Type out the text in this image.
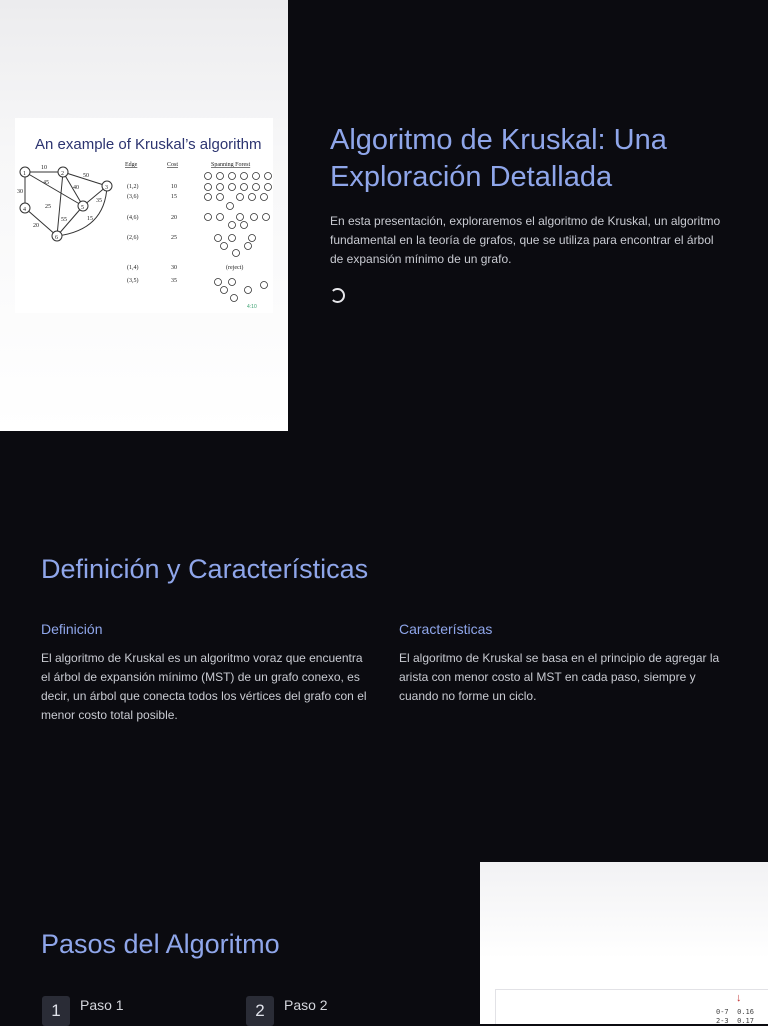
An example of Kruskal’s algorithm
1	2
3
4	5
6
10
45
50
40
30
35
25
55	15
20
Edge	Cost	Spanning Forest
(1,2)	10
(3,6)	15
(4,6)	20
(2,6)	25
(1,4)	30
(3,5)	35
(reject)
4:10
Algoritmo de Kruskal: Una Exploración Detallada

En esta presentación, exploraremos el algoritmo de Kruskal, un algoritmo fundamental en la teoría de grafos, que se utiliza para encontrar el árbol de expansión mínimo de un grafo.

Definición y Características
Definición

El algoritmo de Kruskal es un algoritmo voraz que encuentra el árbol de expansión mínimo (MST) de un grafo conexo, es decir, un árbol que conecta todos los vértices del grafo con el menor costo total posible.

Características

El algoritmo de Kruskal se basa en el principio de agregar la arista con menor costo al MST en cada paso, siempre y cuando no forme un ciclo.

↓
0-7  0.16
2-3  0.17
Pasos del Algoritmo
1	Paso 1	2	Paso 2
